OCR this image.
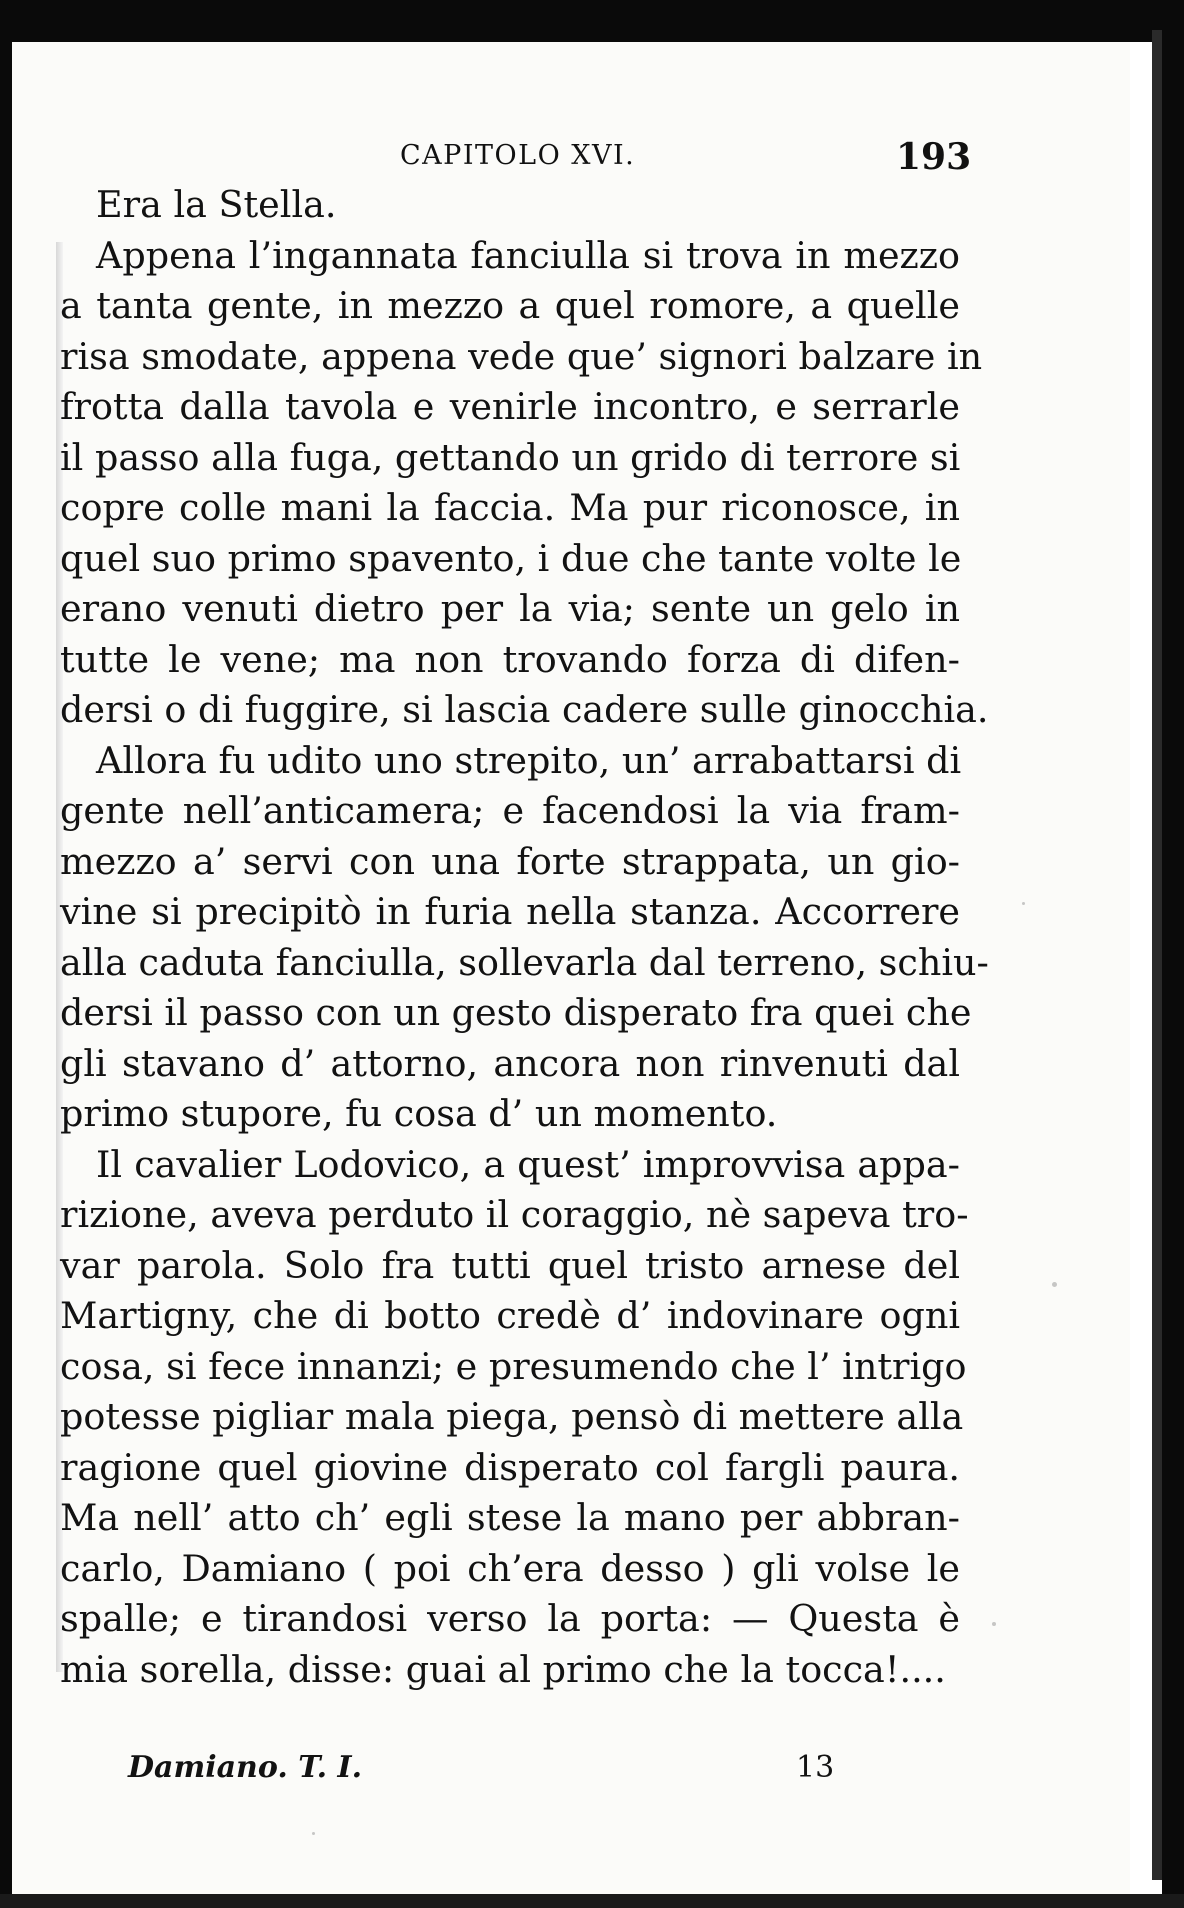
CAPITOLO XVI.	193
Era la Stella.
Appena l’ingannata fanciulla si trova in mezzo
a tanta gente, in mezzo a quel romore, a quelle
risa smodate, appena vede que’ signori balzare in
frotta dalla tavola e venirle incontro, e serrarle
il passo alla fuga, gettando un grido di terrore si
copre colle mani la faccia. Ma pur riconosce, in
quel suo primo spavento, i due che tante volte le
erano venuti dietro per la via; sente un gelo in
tutte le vene; ma non trovando forza di difen-
dersi o di fuggire, si lascia cadere sulle ginocchia.
Allora fu udito uno strepito, un’ arrabattarsi di
gente nell’anticamera; e facendosi la via fram-
mezzo a’ servi con una forte strappata, un gio-
vine si precipitò in furia nella stanza. Accorrere
alla caduta fanciulla, sollevarla dal terreno, schiu-
dersi il passo con un gesto disperato fra quei che
gli stavano d’ attorno, ancora non rinvenuti dal
primo stupore, fu cosa d’ un momento.
Il cavalier Lodovico, a quest’ improvvisa appa-
rizione, aveva perduto il coraggio, nè sapeva tro-
var parola. Solo fra tutti quel tristo arnese del
Martigny, che di botto credè d’ indovinare ogni
cosa, si fece innanzi; e presumendo che l’ intrigo
potesse pigliar mala piega, pensò di mettere alla
ragione quel giovine disperato col fargli paura.
Ma nell’ atto ch’ egli stese la mano per abbran-
carlo, Damiano ( poi ch’era desso ) gli volse le
spalle; e tirandosi verso la porta: — Questa è
mia sorella, disse: guai al primo che la tocca!....
Damiano. T. I.	13
